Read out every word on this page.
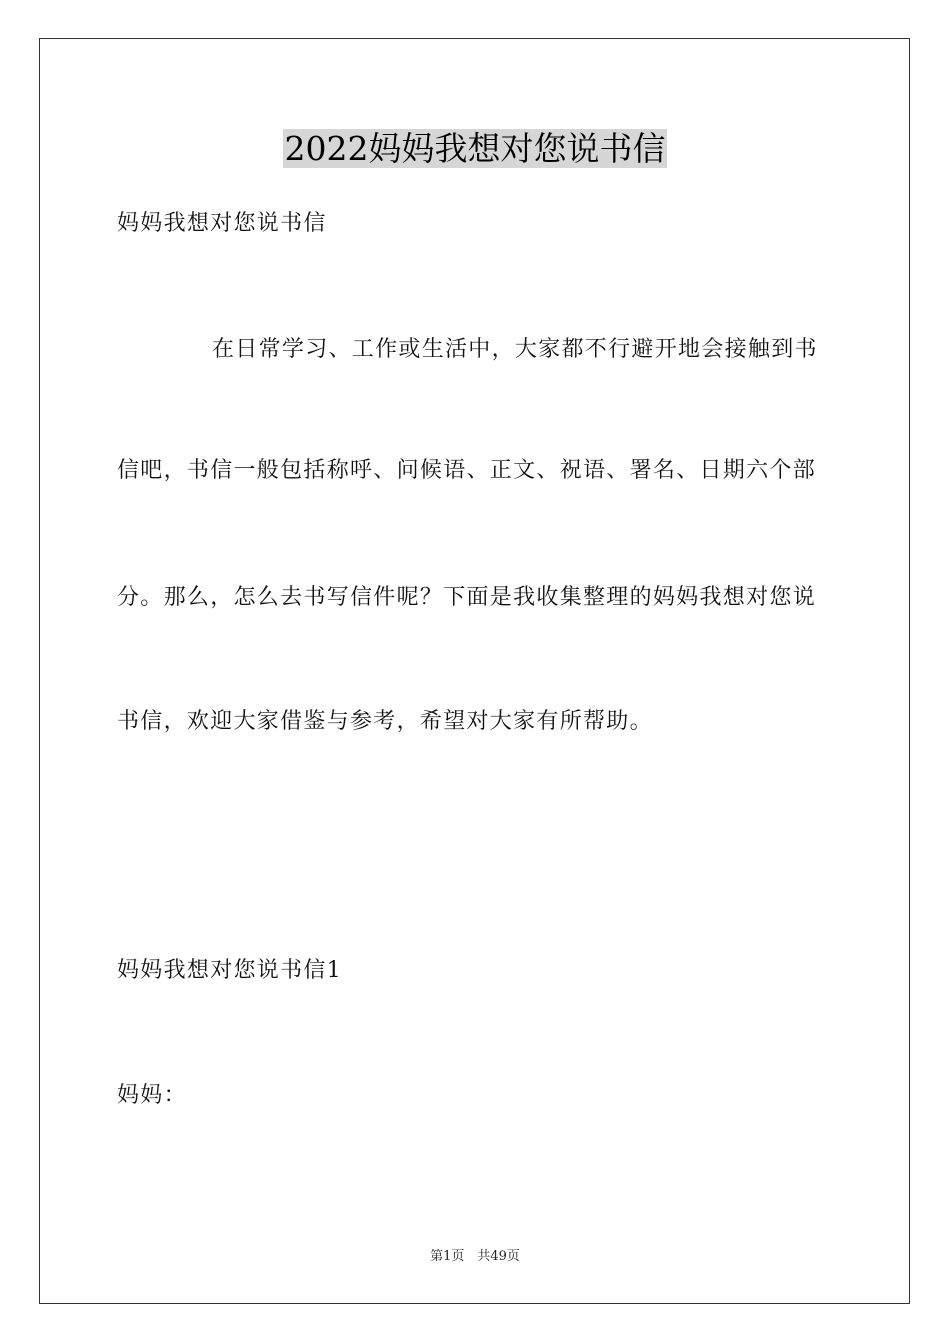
2022妈妈我想对您说书信
妈妈我想对您说书信
在日常学习、工作或生活中，大家都不行避开地会接触到书
信吧，书信一般包括称呼、问候语、正文、祝语、署名、日期六个部
分。那么，怎么去书写信件呢？下面是我收集整理的妈妈我想对您说
书信，欢迎大家借鉴与参考，希望对大家有所帮助。
妈妈我想对您说书信1
妈妈：
第1页　共49页
